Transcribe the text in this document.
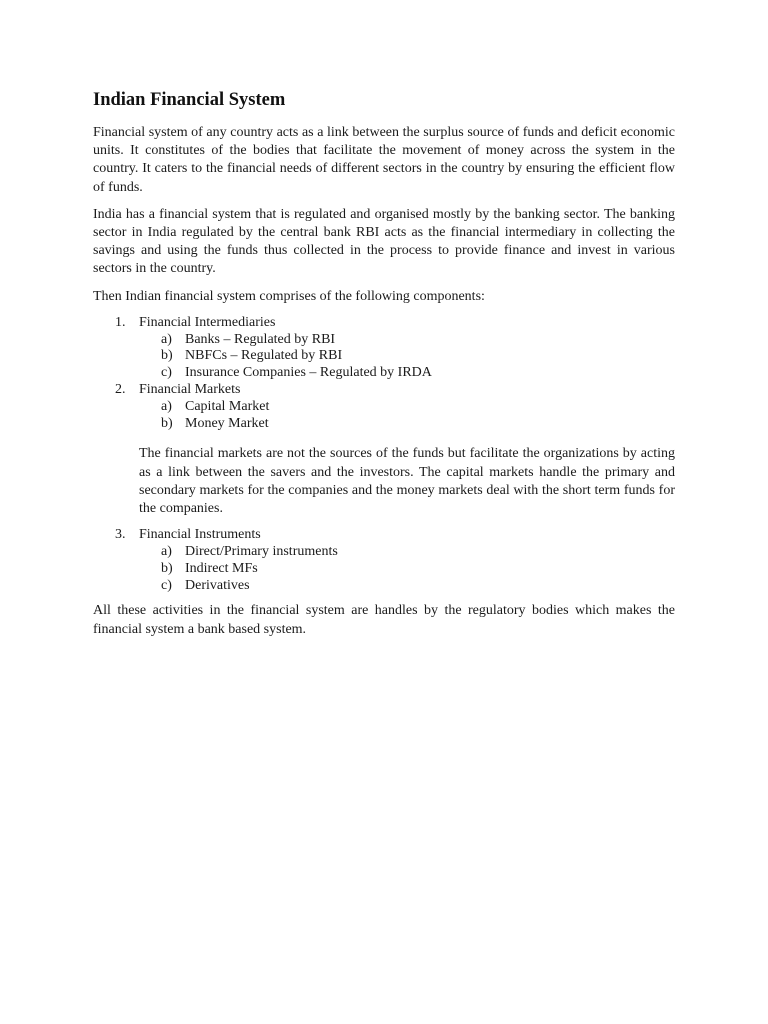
Indian Financial System

Financial system of any country acts as a link between the surplus source of funds and deficit economic units. It constitutes of the bodies that facilitate the movement of money across the system in the country. It caters to the financial needs of different sectors in the country by ensuring the efficient flow of funds.

India has a financial system that is regulated and organised mostly by the banking sector. The banking sector in India regulated by the central bank RBI acts as the financial intermediary in collecting the savings and using the funds thus collected in the process to provide finance and invest in various sectors in the country.

Then Indian financial system comprises of the following components:

1. Financial Intermediaries
a) Banks – Regulated by RBI
b) NBFCs – Regulated by RBI
c) Insurance Companies – Regulated by IRDA
2. Financial Markets
a) Capital Market
b) Money Market
The financial markets are not the sources of the funds but facilitate the organizations by acting as a link between the savers and the investors. The capital markets handle the primary and secondary markets for the companies and the money markets deal with the short term funds for the companies.
3. Financial Instruments
a) Direct/Primary instruments
b) Indirect MFs
c) Derivatives

All these activities in the financial system are handles by the regulatory bodies which makes the financial system a bank based system.
